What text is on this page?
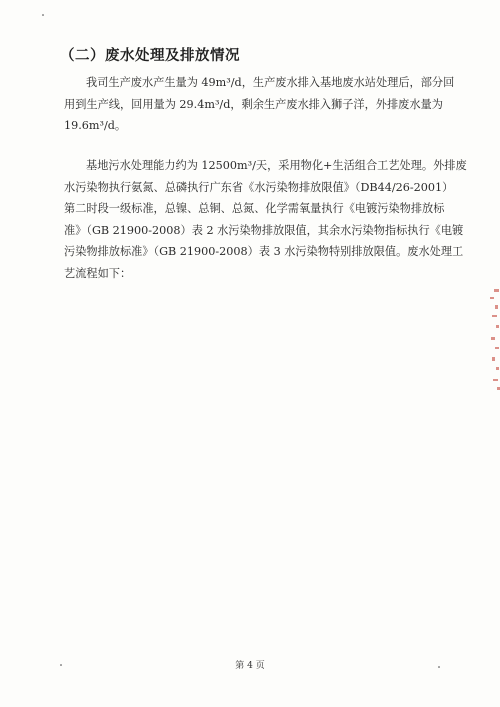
（二）废水处理及排放情况

我司生产废水产生量为 49m³/d，生产废水排入基地废水站处理后，部分回
用到生产线，回用量为 29.4m³/d，剩余生产废水排入狮子洋，外排废水量为
19.6m³/d。

基地污水处理能力约为 12500m³/天，采用物化+生活组合工艺处理。外排废
水污染物执行氨氮、总磷执行广东省《水污染物排放限值》（DB44/26-2001）
第二时段一级标准，总镍、总铜、总氮、化学需氧量执行《电镀污染物排放标
准》（GB 21900-2008）表 2 水污染物排放限值，其余水污染物指标执行《电镀
污染物排放标准》（GB 21900-2008）表 3 水污染物特别排放限值。废水处理工
艺流程如下：

第 4 页
